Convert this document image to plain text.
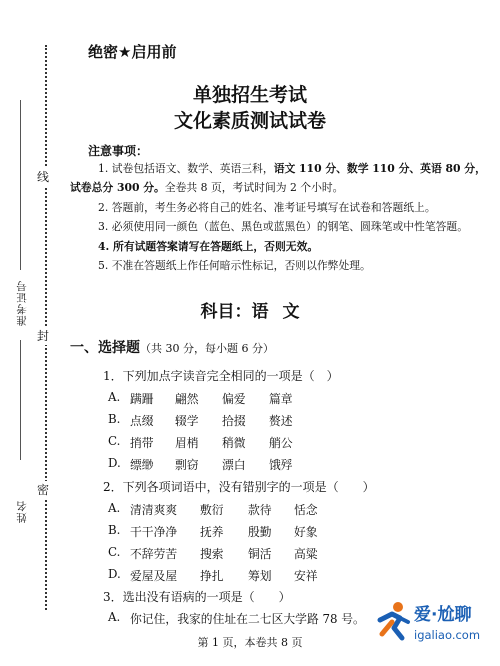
线
封
密
准考证号
姓名
绝密★启用前
单独招生考试
文化素质测试试卷
注意事项：
1. 试卷包括语文、数学、英语三科，语文 110 分、数学 110 分、英语 80 分，
试卷总分 300 分。全卷共 8 页，考试时间为 2 个小时。
2. 答题前，考生务必将自己的姓名、准考证号填写在试卷和答题纸上。
3. 必须使用同一颜色（蓝色、黑色或蓝黑色）的钢笔、圆珠笔或中性笔答题。
4. 所有试题答案请写在答题纸上，否则无效。
5. 不准在答题纸上作任何暗示性标记，否则以作弊处理。
科目：语 文
一、选择题（共 30 分，每小题 6 分）
1．下列加点字读音完全相同的一项是（　）
A. 蹒跚 翩然 偏爱 篇章
B. 点缀 辍学 拾掇 赘述
C. 捎带 眉梢 稍微 艄公
D. 缥缈 剽窃 漂白 饿殍
2．下列各项词语中，没有错别字的一项是（　　）
A. 清清爽爽 敷衍 款待 恬念
B. 干干净净 抚养 殷勤 好象
C. 不辞劳苦 搜索 铜活 高粱
D. 爱屋及屋 挣扎 筹划 安祥
3．选出没有语病的一项是（　　）
A. 你记住，我家的住址在二七区大学路 78 号。
第 1 页，本卷共 8 页
爱·尬聊
igaliao.com
